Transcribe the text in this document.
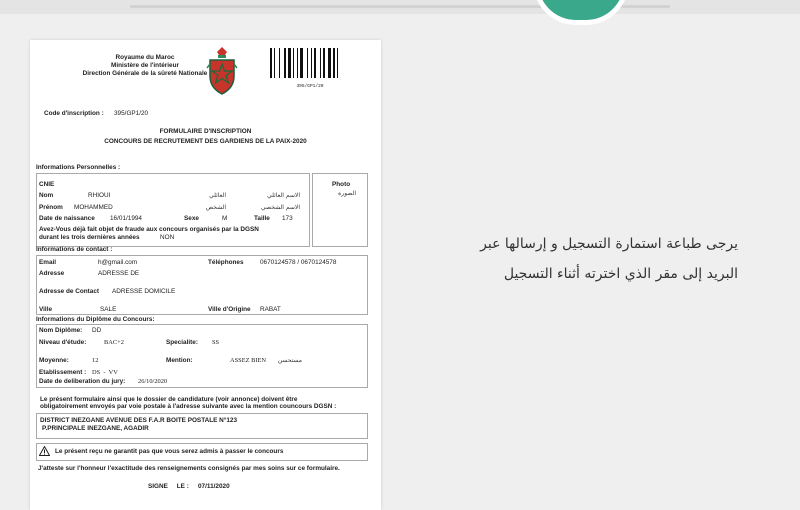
Royaume du Maroc
Ministère de l'intérieur
Direction Générale de la sûreté Nationale
395/GP1/20
Code d'inscription : 395/GP1/20
FORMULAIRE D'INSCRIPTION
CONCOURS DE RECRUTEMENT DES GARDIENS DE LA PAIX-2020
Informations Personnelles :
Photo
الصورة
CNIE
Nom	RHIOUI	العائلي	الاسم العائلي
Prénom MOHAMMED	الشخص	الاسم الشخصي
Date de naissance 16/01/1994	Sexe	M	Taille 173
Avez-Vous déjà fait objet de fraude aux concours organisés par la DGSN
durant les trois dernières années	NON
Informations de contact :
Email	h@gmail.com	Téléphones	0670124578 / 0670124578
Adresse	ADRESSE DE
Adresse de Contact ADRESSE DOMICILE
Ville	SALE	Ville d'Origine RABAT
Informations du Diplôme du Concours:
Nom Diplôme: DD
Niveau d'étude:	BAC+2	Specialite: SS
Moyenne:	12	Mention:	ASSEZ BIEN	مستحسن
Etablissement : DS  -  VV
Date de deliberation du jury: 26/10/2020
Le présent formulaire ainsi que le dossier de candidature (voir annonce) doivent être
obligatoirement envoyés par voie postale à l'adresse suivante avec la mention councours DGSN :
DISTRICT INEZGANE AVENUE DES F.A.R BOITE POSTALE N°123
P.PRINCIPALE INEZGANE, AGADIR
Le présent reçu ne garantit pas que vous serez admis à passer le concours
J'atteste sur l'honneur l'exactitude des renseignements consignés par mes soins sur ce formulaire.
SIGNE     LE : 07/11/2020
يرجى طباعة استمارة التسجيل و إرسالها عبر
البريد إلى مقر الذي اخترته أثناء التسجيل
